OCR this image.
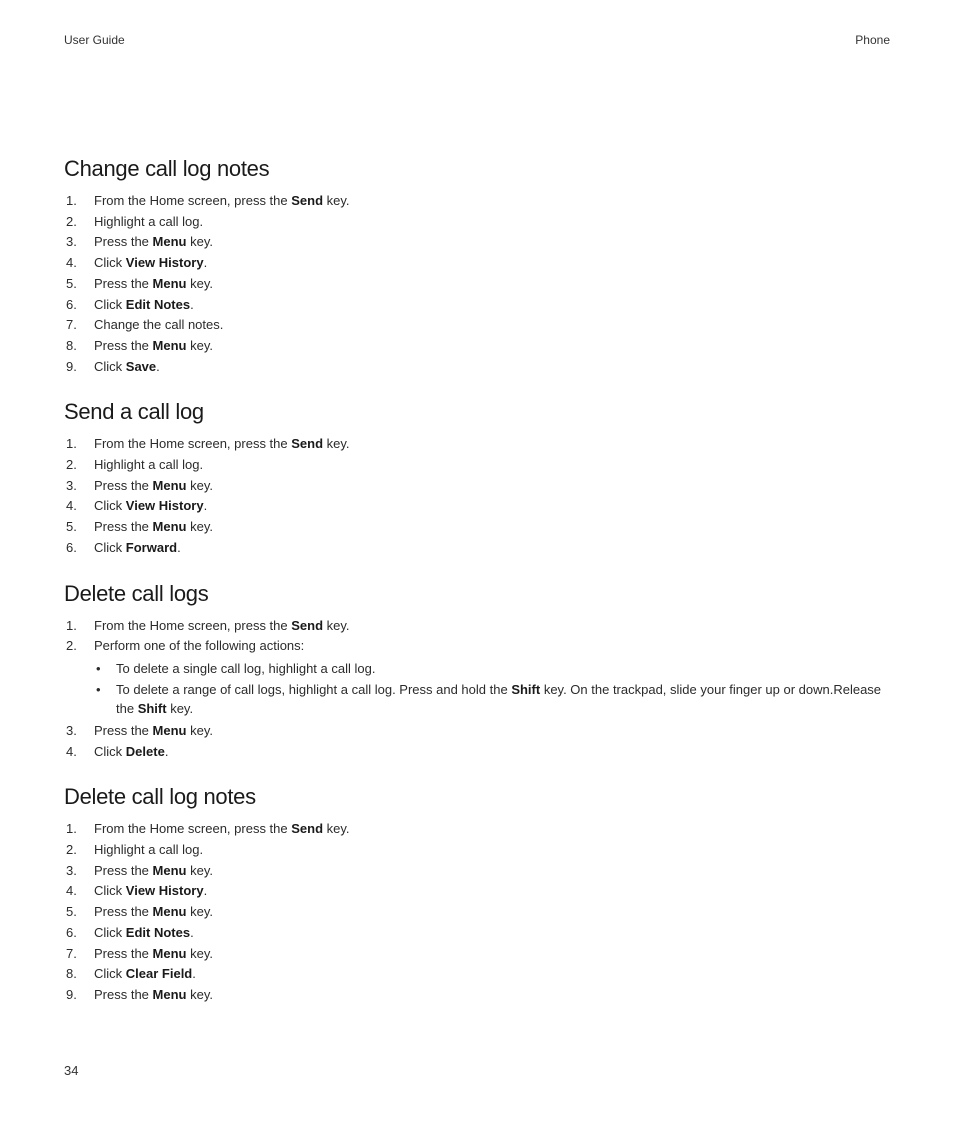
User Guide	Phone
Change call log notes
1. From the Home screen, press the Send key.
2. Highlight a call log.
3. Press the Menu key.
4. Click View History.
5. Press the Menu key.
6. Click Edit Notes.
7. Change the call notes.
8. Press the Menu key.
9. Click Save.
Send a call log
1. From the Home screen, press the Send key.
2. Highlight a call log.
3. Press the Menu key.
4. Click View History.
5. Press the Menu key.
6. Click Forward.
Delete call logs
1. From the Home screen, press the Send key.
2. Perform one of the following actions:
• To delete a single call log, highlight a call log.
• To delete a range of call logs, highlight a call log. Press and hold the Shift key. On the trackpad, slide your finger up or down.Release the Shift key.
3. Press the Menu key.
4. Click Delete.
Delete call log notes
1. From the Home screen, press the Send key.
2. Highlight a call log.
3. Press the Menu key.
4. Click View History.
5. Press the Menu key.
6. Click Edit Notes.
7. Press the Menu key.
8. Click Clear Field.
9. Press the Menu key.
34
